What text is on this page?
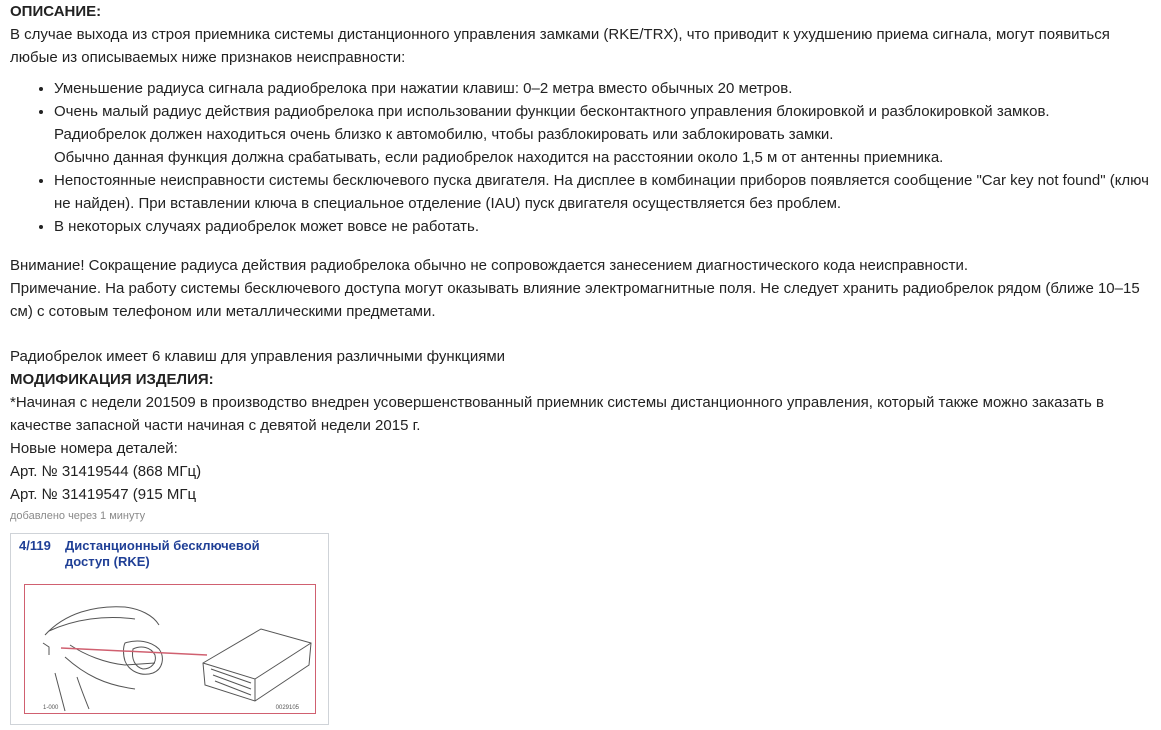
ОПИСАНИЕ:

В случае выхода из строя приемника системы дистанционного управления замками (RKE/TRX), что приводит к ухудшению приема сигнала, могут появиться любые из описываемых ниже признаков неисправности:

• Уменьшение радиуса сигнала радиобрелока при нажатии клавиш: 0–2 метра вместо обычных 20 метров.
• Очень малый радиус действия радиобрелока при использовании функции бесконтактного управления блокировкой и разблокировкой замков.
Радиобрелок должен находиться очень близко к автомобилю, чтобы разблокировать или заблокировать замки.
Обычно данная функция должна срабатывать, если радиобрелок находится на расстоянии около 1,5 м от антенны приемника.
• Непостоянные неисправности системы бесключевого пуска двигателя. На дисплее в комбинации приборов появляется сообщение "Car key not found" (ключ не найден). При вставлении ключа в специальное отделение (IAU) пуск двигателя осуществляется без проблем.
• В некоторых случаях радиобрелок может вовсе не работать.

Внимание! Сокращение радиуса действия радиобрелока обычно не сопровождается занесением диагностического кода неисправности.

Примечание. На работу системы бесключевого доступа могут оказывать влияние электромагнитные поля. Не следует хранить радиобрелок рядом (ближе 10–15 см) с сотовым телефоном или металлическими предметами.

Радиобрелок имеет 6 клавиш для управления различными функциями

МОДИФИКАЦИЯ ИЗДЕЛИЯ:

*Начиная с недели 201509 в производство внедрен усовершенствованный приемник системы дистанционного управления, который также можно заказать в качестве запасной части начиная с девятой недели 2015 г.

Новые номера деталей:

Арт. № 31419544 (868 МГц)

Арт. № 31419547 (915 МГц

добавлено через 1 минуту

4/119 Дистанционный бесключевой доступ (RKE)
1-000	0029105
